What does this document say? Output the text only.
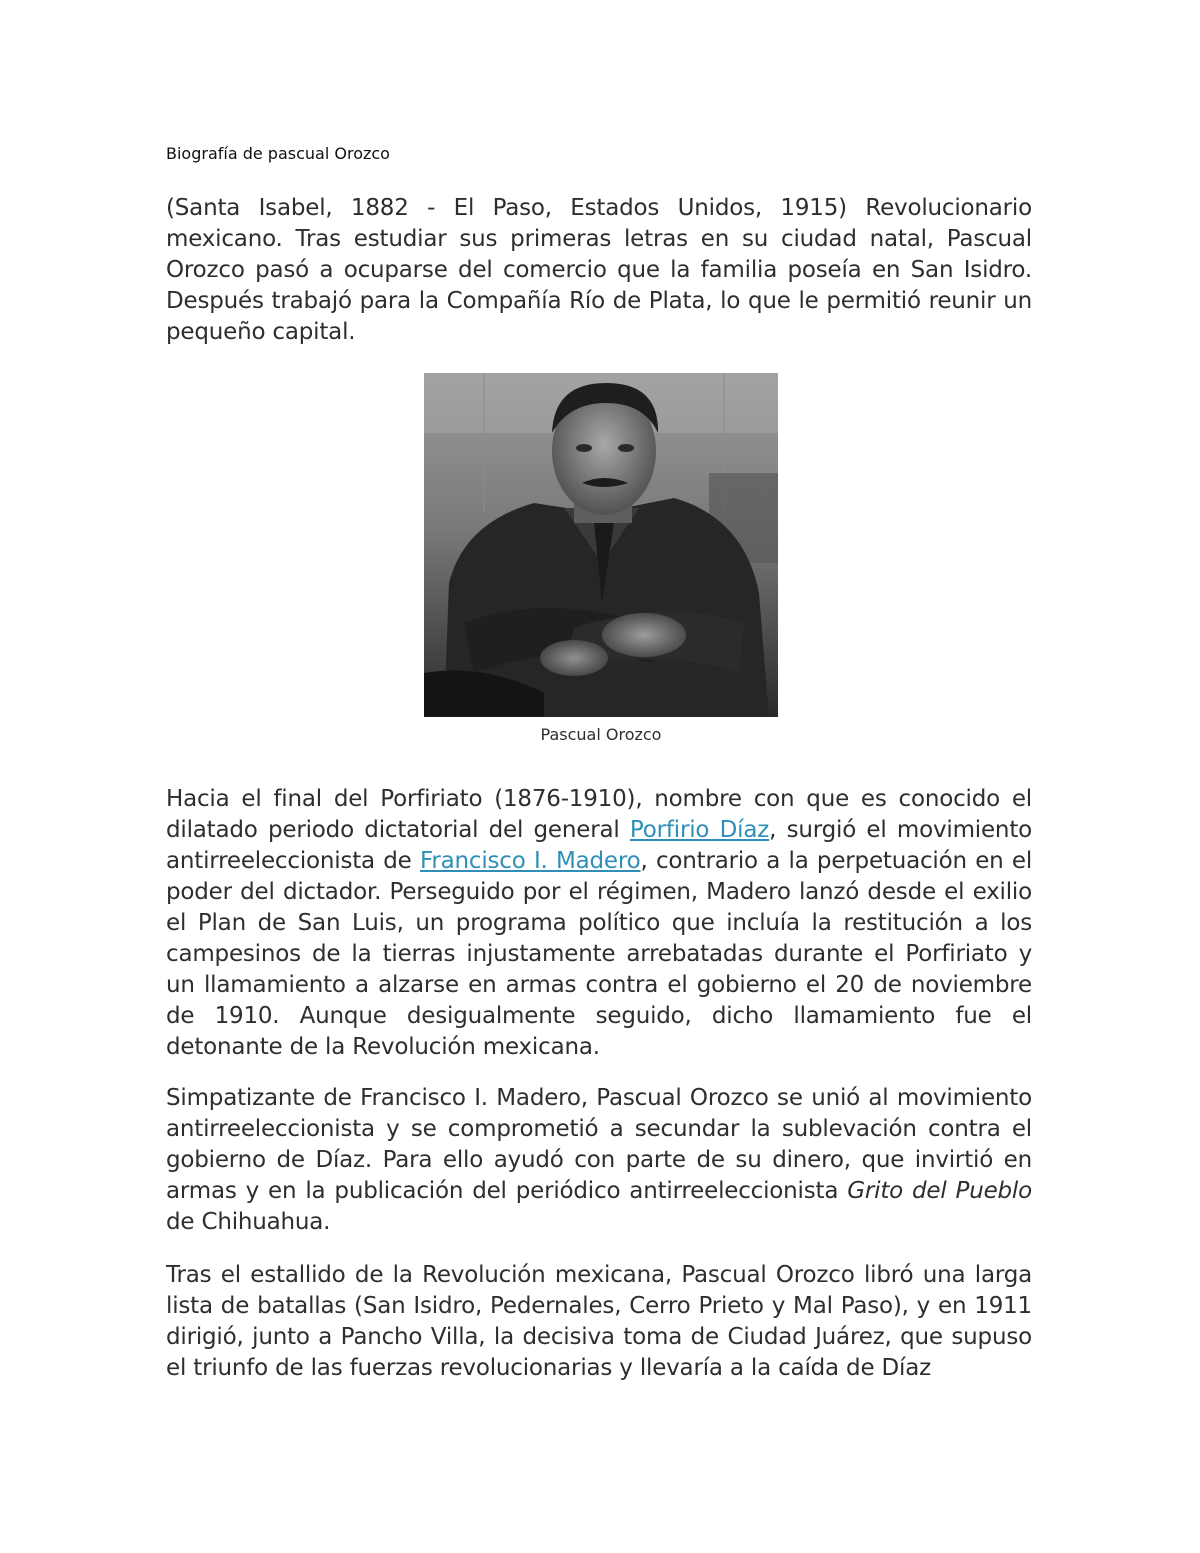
Biografía de pascual Orozco

(Santa Isabel, 1882 - El Paso, Estados Unidos, 1915) Revolucionario mexicano. Tras estudiar sus primeras letras en su ciudad natal, Pascual Orozco pasó a ocuparse del comercio que la familia poseía en San Isidro. Después trabajó para la Compañía Río de Plata, lo que le permitió reunir un pequeño capital.

Pascual Orozco

Hacia el final del Porfiriato (1876-1910), nombre con que es conocido el dilatado periodo dictatorial del general Porfirio Díaz, surgió el movimiento antirreeleccionista de Francisco I. Madero, contrario a la perpetuación en el poder del dictador. Perseguido por el régimen, Madero lanzó desde el exilio el Plan de San Luis, un programa político que incluía la restitución a los campesinos de la tierras injustamente arrebatadas durante el Porfiriato y un llamamiento a alzarse en armas contra el gobierno el 20 de noviembre de 1910. Aunque desigualmente seguido, dicho llamamiento fue el detonante de la Revolución mexicana.

Simpatizante de Francisco I. Madero, Pascual Orozco se unió al movimiento antirreeleccionista y se comprometió a secundar la sublevación contra el gobierno de Díaz. Para ello ayudó con parte de su dinero, que invirtió en armas y en la publicación del periódico antirreeleccionista Grito del Pueblo de Chihuahua.

Tras el estallido de la Revolución mexicana, Pascual Orozco libró una larga lista de batallas (San Isidro, Pedernales, Cerro Prieto y Mal Paso), y en 1911 dirigió, junto a Pancho Villa, la decisiva toma de Ciudad Juárez, que supuso el triunfo de las fuerzas revolucionarias y llevaría a la caída de Díaz
